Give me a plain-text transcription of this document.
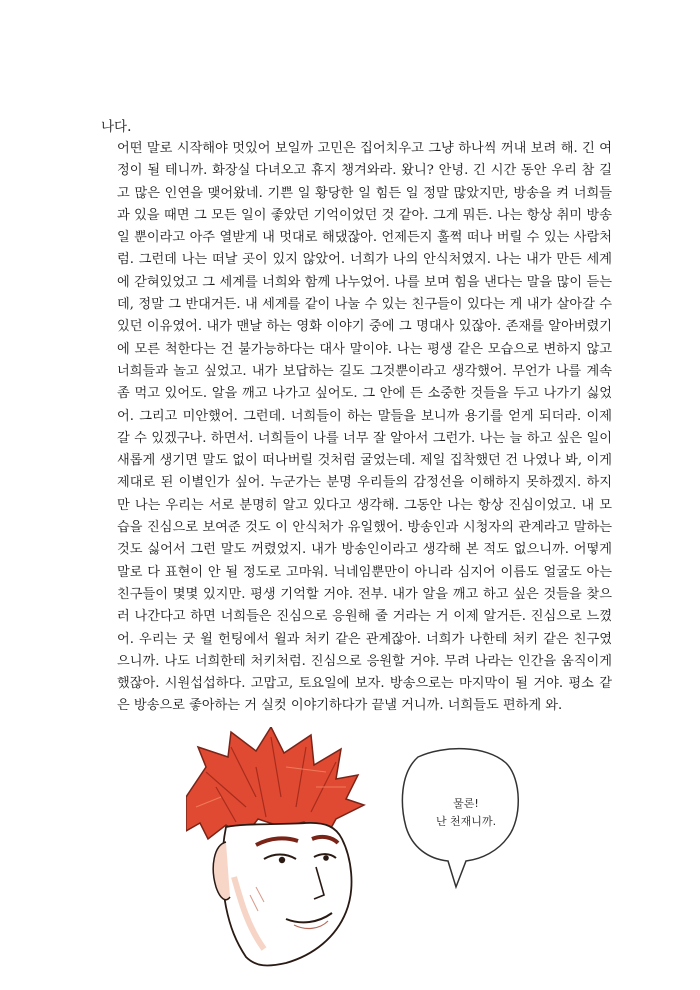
나다.

어떤 말로 시작해야 멋있어 보일까 고민은 집어치우고 그냥 하나씩 꺼내 보려 해. 긴 여정이 될 테니까. 화장실 다녀오고 휴지 챙겨와라. 왔니? 안녕. 긴 시간 동안 우리 참 길고 많은 인연을 맺어왔네. 기쁜 일 황당한 일 힘든 일 정말 많았지만, 방송을 켜 너희들과 있을 때면 그 모든 일이 좋았던 기억이었던 것 같아. 그게 뭐든. 나는 항상 취미 방송일 뿐이라고 아주 열받게 내 멋대로 해댔잖아. 언제든지 훌쩍 떠나 버릴 수 있는 사람처럼. 그런데 나는 떠날 곳이 있지 않았어. 너희가 나의 안식처였지. 나는 내가 만든 세계에 갇혀있었고 그 세계를 너희와 함께 나누었어. 나를 보며 힘을 낸다는 말을 많이 듣는데, 정말 그 반대거든. 내 세계를 같이 나눌 수 있는 친구들이 있다는 게 내가 살아갈 수 있던 이유였어. 내가 맨날 하는 영화 이야기 중에 그 명대사 있잖아. 존재를 알아버렸기에 모른 척한다는 건 불가능하다는 대사 말이야. 나는 평생 같은 모습으로 변하지 않고 너희들과 놀고 싶었고. 내가 보답하는 길도 그것뿐이라고 생각했어. 무언가 나를 계속 좀 먹고 있어도. 알을 깨고 나가고 싶어도. 그 안에 든 소중한 것들을 두고 나가기 싫었어. 그리고 미안했어. 그런데. 너희들이 하는 말들을 보니까 용기를 얻게 되더라. 이제 갈 수 있겠구나. 하면서. 너희들이 나를 너무 잘 알아서 그런가. 나는 늘 하고 싶은 일이 새롭게 생기면 말도 없이 떠나버릴 것처럼 굴었는데. 제일 집착했던 건 나였나 봐, 이게 제대로 된 이별인가 싶어. 누군가는 분명 우리들의 감정선을 이해하지 못하겠지. 하지만 나는 우리는 서로 분명히 알고 있다고 생각해. 그동안 나는 항상 진심이었고. 내 모습을 진심으로 보여준 것도 이 안식처가 유일했어. 방송인과 시청자의 관계라고 말하는 것도 싫어서 그런 말도 꺼렸었지. 내가 방송인이라고 생각해 본 적도 없으니까. 어떻게 말로 다 표현이 안 될 정도로 고마워. 닉네임뿐만이 아니라 심지어 이름도 얼굴도 아는 친구들이 몇몇 있지만. 평생 기억할 거야. 전부. 내가 알을 깨고 하고 싶은 것들을 찾으러 나간다고 하면 너희들은 진심으로 응원해 줄 거라는 거 이제 알거든. 진심으로 느꼈어. 우리는 굿 윌 헌팅에서 윌과 처키 같은 관계잖아. 너희가 나한테 처키 같은 친구였으니까. 나도 너희한테 처키처럼. 진심으로 응원할 거야. 무려 나라는 인간을 움직이게 했잖아. 시원섭섭하다. 고맙고, 토요일에 보자. 방송으로는 마지막이 될 거야. 평소 같은 방송으로 좋아하는 거 실컷 이야기하다가 끝낼 거니까. 너희들도 편하게 와.

물론!
난 천재니까.
